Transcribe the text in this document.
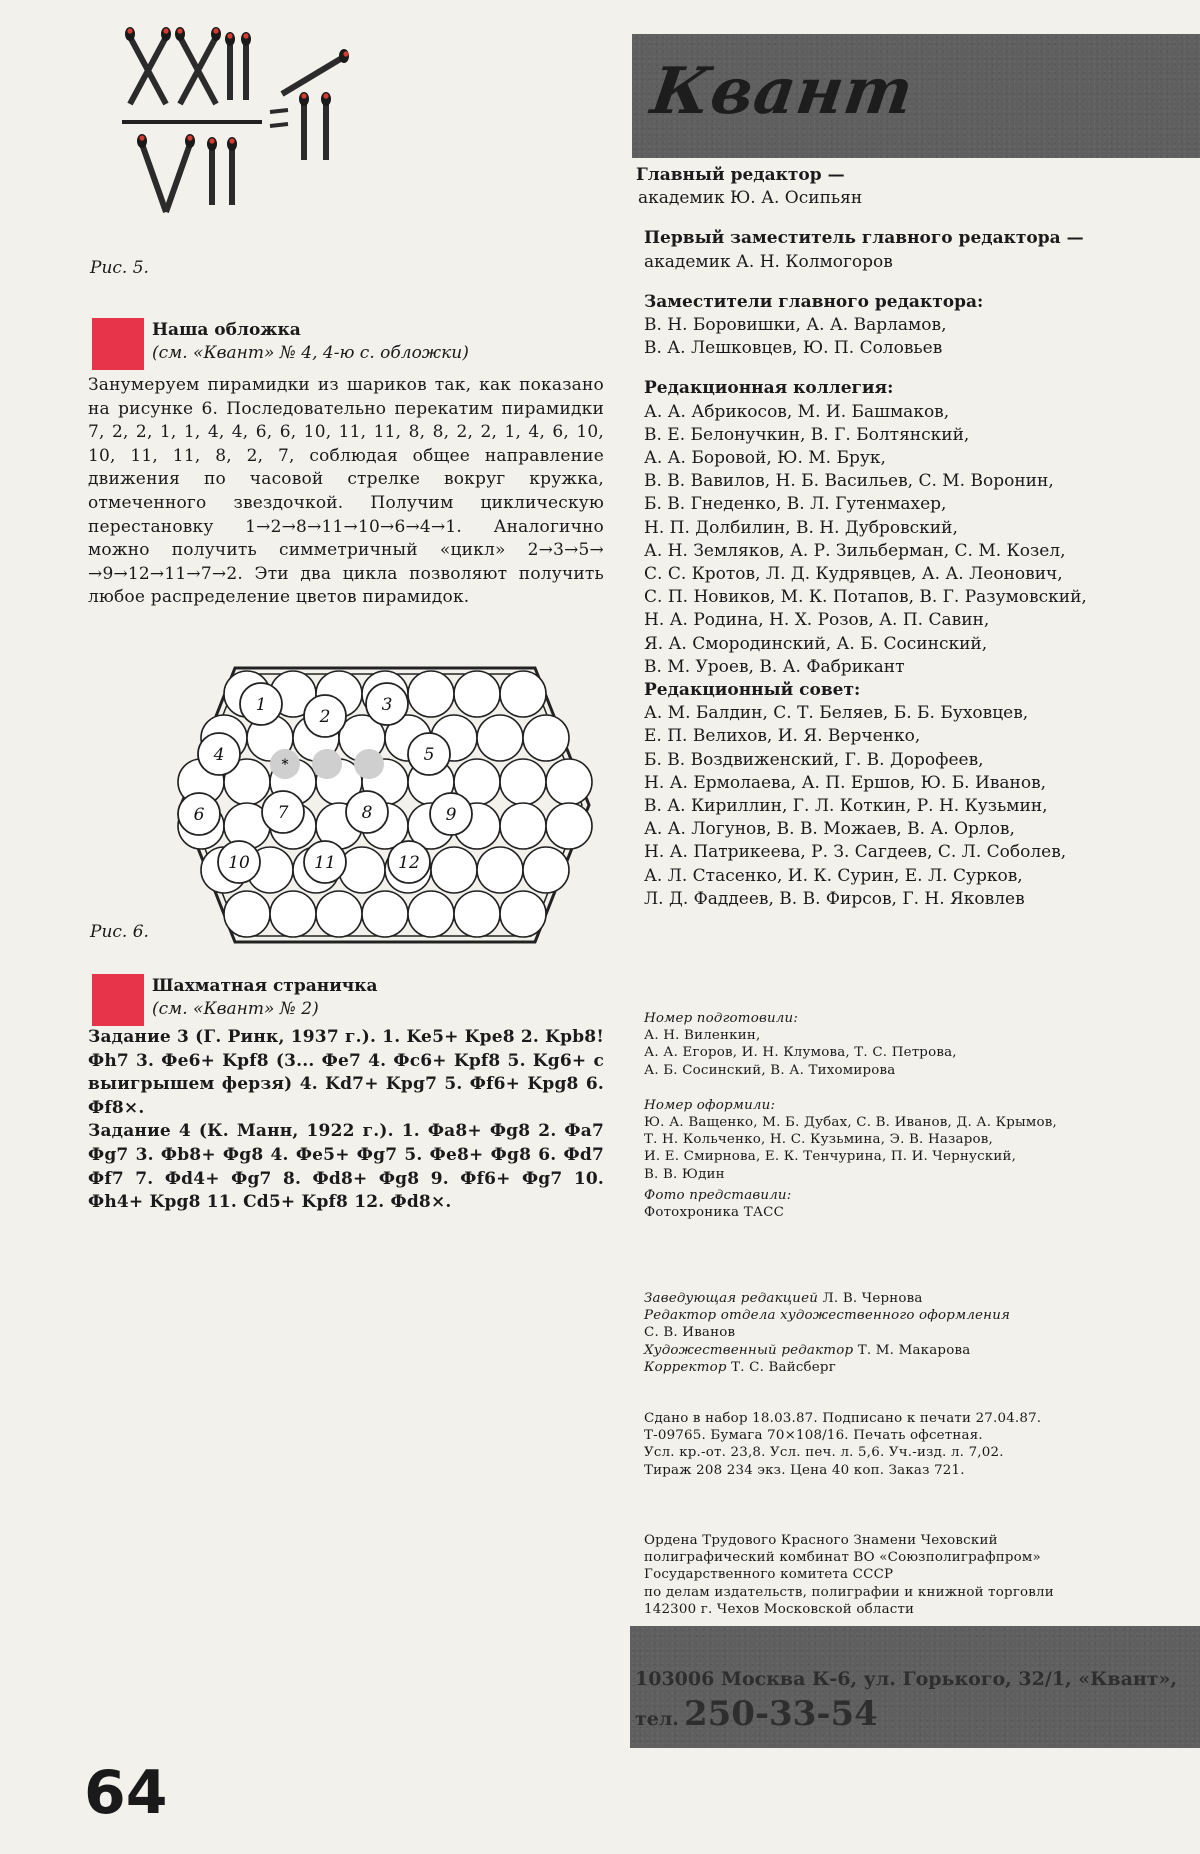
Рис. 5.
Наша обложка
(см. «Квант» № 4, 4-ю с. обложки)

Занумеруем пирамидки из шариков так, как показано на рисунке 6. Последовательно перекатим пирамидки 7, 2, 2, 1, 1, 4, 4, 6, 6, 10, 11, 11, 8, 8, 2, 2, 1, 4, 6, 10, 10, 11, 11, 8, 2, 7, соблюдая общее направление движения по часовой стрелке вокруг кружка, отмеченного звездочкой. Получим циклическую перестановку 1→2→8→11→10→6→4→1. Аналогично можно получить симметричный «цикл» 2→3→5→ →9→12→11→7→2. Эти два цикла позволяют получить любое распределение цветов пирамидок.

*
1
2
3
4	5
6	7	8	9
10	11	12
Рис. 6.
Шахматная страничка
(см. «Квант» № 2)

Задание 3 (Г. Ринк, 1937 г.). 1. Ke5+ Kpe8 2. Kpb8! Фh7 3. Фe6+ Kpf8 (3... Фe7 4. Фc6+ Kpf8 5. Kg6+ с выигрышем ферзя) 4. Kd7+ Kpg7 5. Фf6+ Kpg8 6. Фf8×.

Задание 4 (К. Манн, 1922 г.). 1. Фa8+ Фg8 2. Фa7 Фg7 3. Фb8+ Фg8 4. Фe5+ Фg7 5. Фe8+ Фg8 6. Фd7 Фf7 7. Фd4+ Фg7 8. Фd8+ Фg8 9. Фf6+ Фg7 10. Фh4+ Kpg8 11. Cd5+ Kpf8 12. Фd8×.

64
Квант

Главный редактор —

академик Ю. А. Осипьян

Первый заместитель главного редактора —

академик А. Н. Колмогоров

Заместители главного редактора:

В. Н. Боровишки, А. А. Варламов,

В. А. Лешковцев, Ю. П. Соловьев

Редакционная коллегия:

А. А. Абрикосов, М. И. Башмаков,

В. Е. Белонучкин, В. Г. Болтянский,

А. А. Боровой, Ю. М. Брук,

В. В. Вавилов, Н. Б. Васильев, С. М. Воронин,

Б. В. Гнеденко, В. Л. Гутенмахер,

Н. П. Долбилин, В. Н. Дубровский,

А. Н. Земляков, А. Р. Зильберман, С. М. Козел,

С. С. Кротов, Л. Д. Кудрявцев, А. А. Леонович,

С. П. Новиков, М. К. Потапов, В. Г. Разумовский,

Н. А. Родина, Н. Х. Розов, А. П. Савин,

Я. А. Смородинский, А. Б. Сосинский,

В. М. Уроев, В. А. Фабрикант

Редакционный совет:

А. М. Балдин, С. Т. Беляев, Б. Б. Буховцев,

Е. П. Велихов, И. Я. Верченко,

Б. В. Воздвиженский, Г. В. Дорофеев,

Н. А. Ермолаева, А. П. Ершов, Ю. Б. Иванов,

В. А. Кириллин, Г. Л. Коткин, Р. Н. Кузьмин,

А. А. Логунов, В. В. Можаев, В. А. Орлов,

Н. А. Патрикеева, Р. З. Сагдеев, С. Л. Соболев,

А. Л. Стасенко, И. К. Сурин, Е. Л. Сурков,

Л. Д. Фаддеев, В. В. Фирсов, Г. Н. Яковлев

Номер подготовили:

А. Н. Виленкин,

А. А. Егоров, И. Н. Клумова, Т. С. Петрова,

А. Б. Сосинский, В. А. Тихомирова

Номер оформили:

Ю. А. Ващенко, М. Б. Дубах, С. В. Иванов, Д. А. Крымов,

Т. Н. Кольченко, Н. С. Кузьмина, Э. В. Назаров,

И. Е. Смирнова, Е. К. Тенчурина, П. И. Чернуский,

В. В. Юдин

Фото представили:

Фотохроника ТАСС

Заведующая редакцией Л. В. Чернова

Редактор отдела художественного оформления

С. В. Иванов

Художественный редактор Т. М. Макарова

Корректор Т. С. Вайсберг

Сдано в набор 18.03.87. Подписано к печати 27.04.87.

Т-09765. Бумага 70×108/16. Печать офсетная.

Усл. кр.-от. 23,8. Усл. печ. л. 5,6. Уч.-изд. л. 7,02.

Тираж 208 234 экз. Цена 40 коп. Заказ 721.

Ордена Трудового Красного Знамени Чеховский

полиграфический комбинат ВО «Союзполиграфпром»

Государственного комитета СССР

по делам издательств, полиграфии и книжной торговли

142300 г. Чехов Московской области

103006 Москва К-6, ул. Горького, 32/1, «Квант»,
тел. 250-33-54
